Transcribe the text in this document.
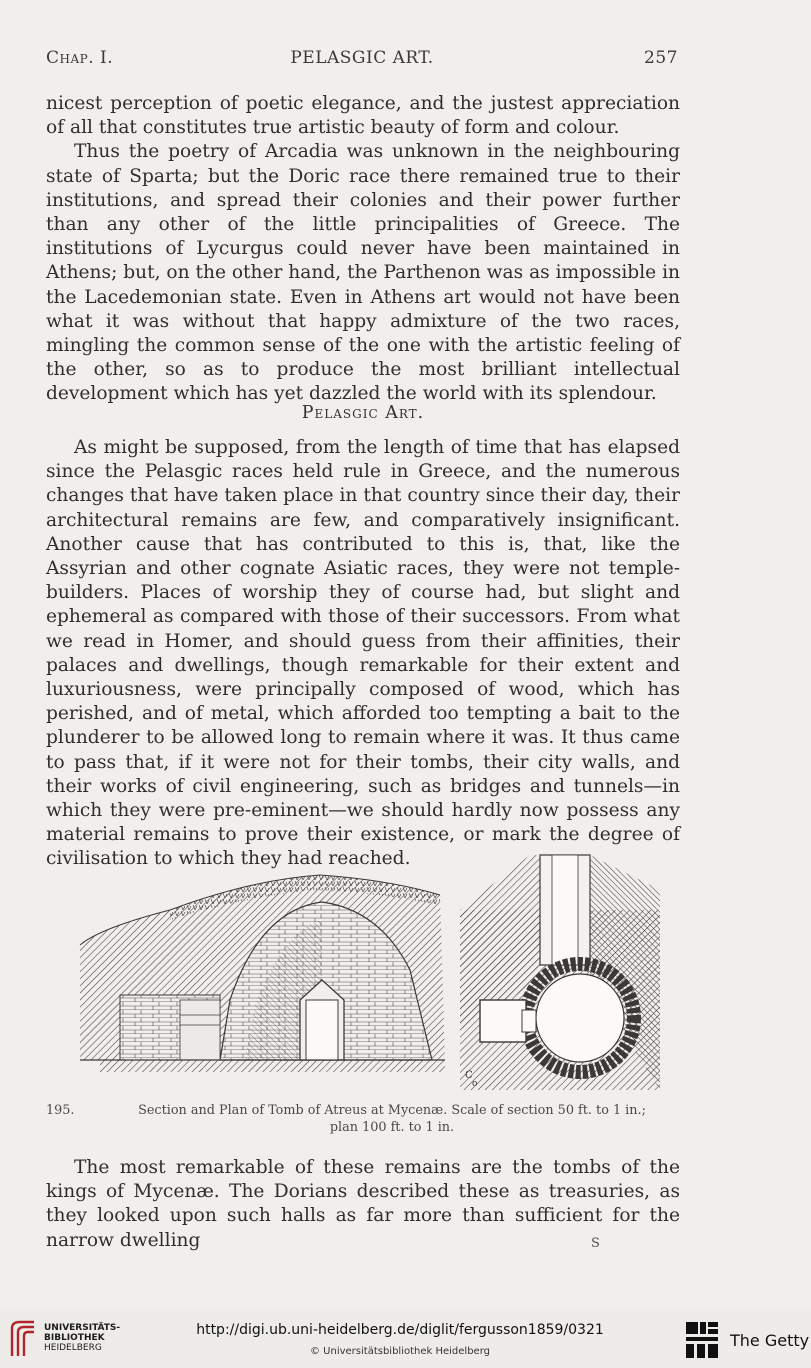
Chap. I.	PELASGIC ART.	257

nicest perception of poetic elegance, and the justest appreciation of all that constitutes true artistic beauty of form and colour.

Thus the poetry of Arcadia was unknown in the neighbouring state of Sparta; but the Doric race there remained true to their institutions, and spread their colonies and their power further than any other of the little principalities of Greece. The institutions of Lycurgus could never have been maintained in Athens; but, on the other hand, the Parthenon was as impossible in the Lacedemonian state. Even in Athens art would not have been what it was without that happy admixture of the two races, mingling the common sense of the one with the artistic feeling of the other, so as to produce the most brilliant intellectual development which has yet dazzled the world with its splendour.

Pelasgic Art.

As might be supposed, from the length of time that has elapsed since the Pelasgic races held rule in Greece, and the numerous changes that have taken place in that country since their day, their architectural remains are few, and comparatively insignificant. Another cause that has contributed to this is, that, like the Assyrian and other cognate Asiatic races, they were not temple-builders. Places of worship they of course had, but slight and ephemeral as compared with those of their successors. From what we read in Homer, and should guess from their affinities, their palaces and dwellings, though remarkable for their extent and luxuriousness, were principally composed of wood, which has perished, and of metal, which afforded too tempting a bait to the plunderer to be allowed long to remain where it was. It thus came to pass that, if it were not for their tombs, their city walls, and their works of civil engineering, such as bridges and tunnels—in which they were pre-eminent—we should hardly now possess any material remains to prove their existence, or mark the degree of civilisation to which they had reached.

C
o
195.	Section and Plan of Tomb of Atreus at Mycenæ. Scale of section 50 ft. to 1 in.;
plan 100 ft. to 1 in.

The most remarkable of these remains are the tombs of the kings of Mycenæ. The Dorians described these as treasuries, as they looked upon such halls as far more than sufficient for the narrow dwelling	S
UNIVERSITÄTS-
BIBLIOTHEK
HEIDELBERG
http://digi.ub.uni-heidelberg.de/diglit/fergusson1859/0321
© Universitätsbibliothek Heidelberg
The Getty
